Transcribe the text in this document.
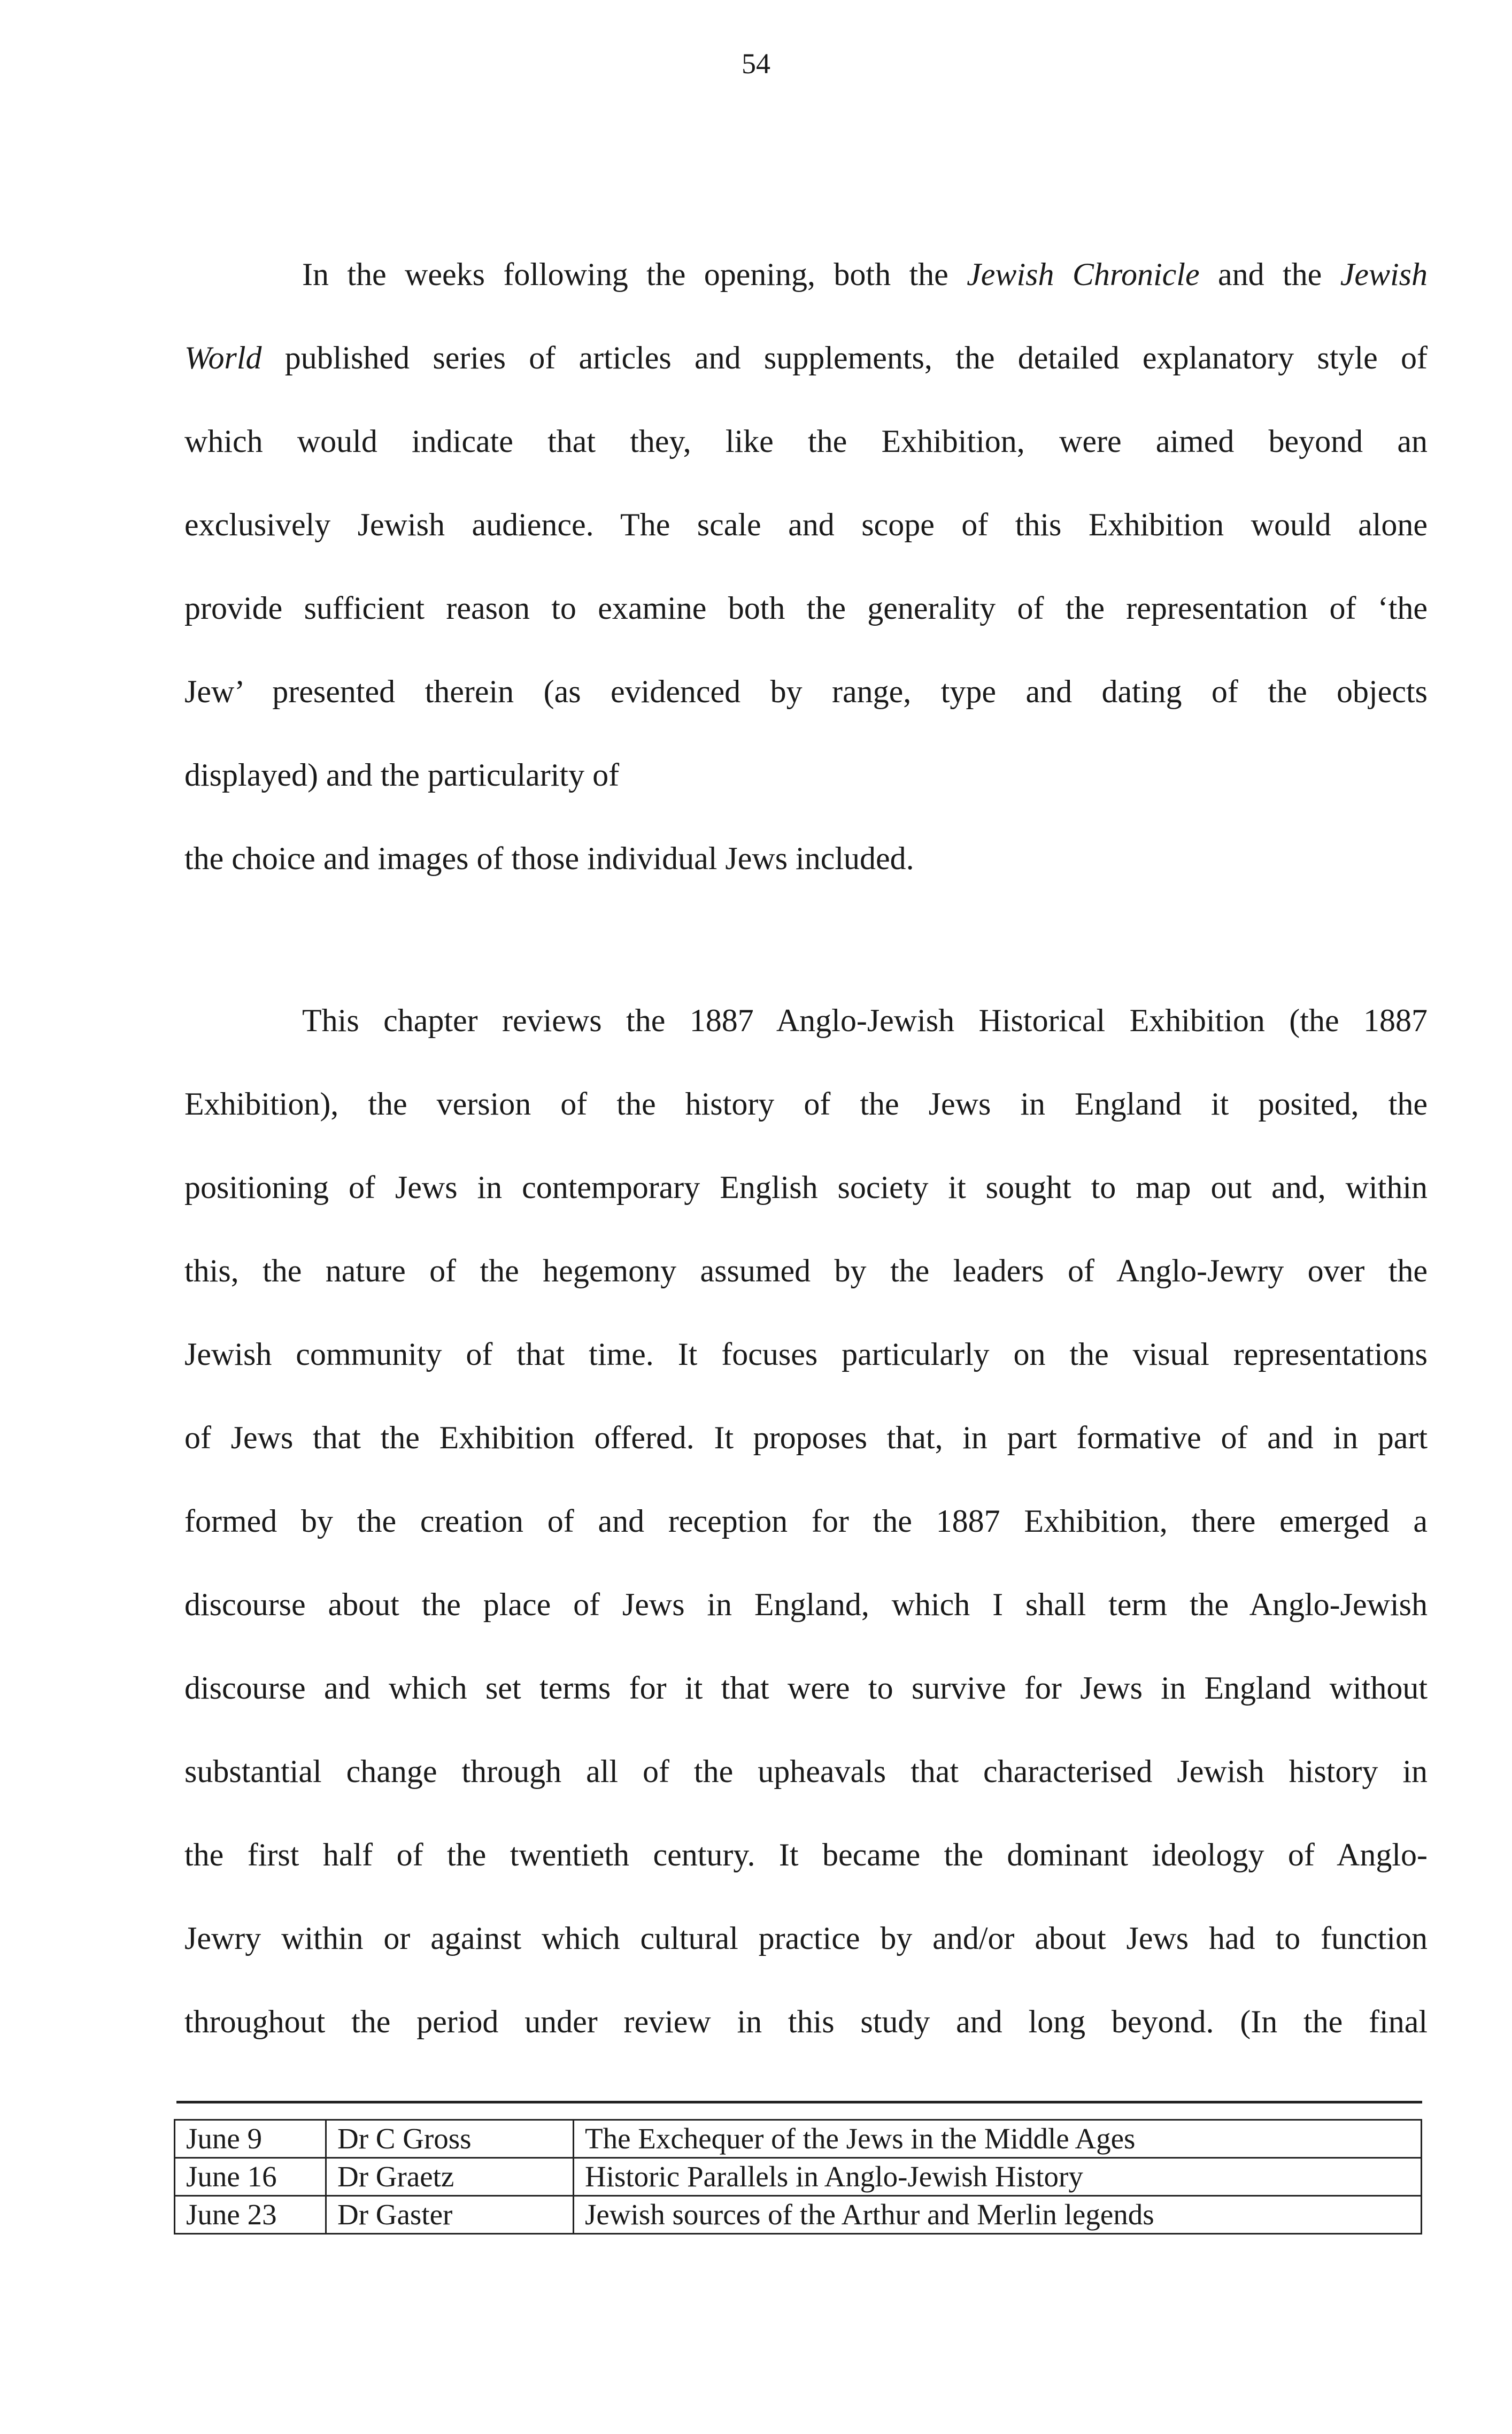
54

In the weeks following the opening, both the Jewish Chronicle and the Jewish
World published series of articles and supplements, the detailed explanatory style of
which would indicate that they, like the Exhibition, were aimed beyond an
exclusively Jewish audience. The scale and scope of this Exhibition would alone
provide sufficient reason to examine both the generality of the representation of ‘the
Jew’ presented therein (as evidenced by range, type and dating of the objects
displayed) and the particularity of
the choice and images of those individual Jews included.

This chapter reviews the 1887 Anglo-Jewish Historical Exhibition (the 1887
Exhibition), the version of the history of the Jews in England it posited, the
positioning of Jews in contemporary English society it sought to map out and, within
this, the nature of the hegemony assumed by the leaders of Anglo-Jewry over the
Jewish community of that time. It focuses particularly on the visual representations
of Jews that the Exhibition offered. It proposes that, in part formative of and in part
formed by the creation of and reception for the 1887 Exhibition, there emerged a
discourse about the place of Jews in England, which I shall term the Anglo-Jewish
discourse and which set terms for it that were to survive for Jews in England without
substantial change through all of the upheavals that characterised Jewish history in
the first half of the twentieth century. It became the dominant ideology of Anglo-
Jewry within or against which cultural practice by and/or about Jews had to function
throughout the period under review in this study and long beyond. (In the final

June 9	Dr C Gross	The Exchequer of the Jews in the Middle Ages
June 16	Dr Graetz	Historic Parallels in Anglo-Jewish History
June 23	Dr Gaster	Jewish sources of the Arthur and Merlin legends
